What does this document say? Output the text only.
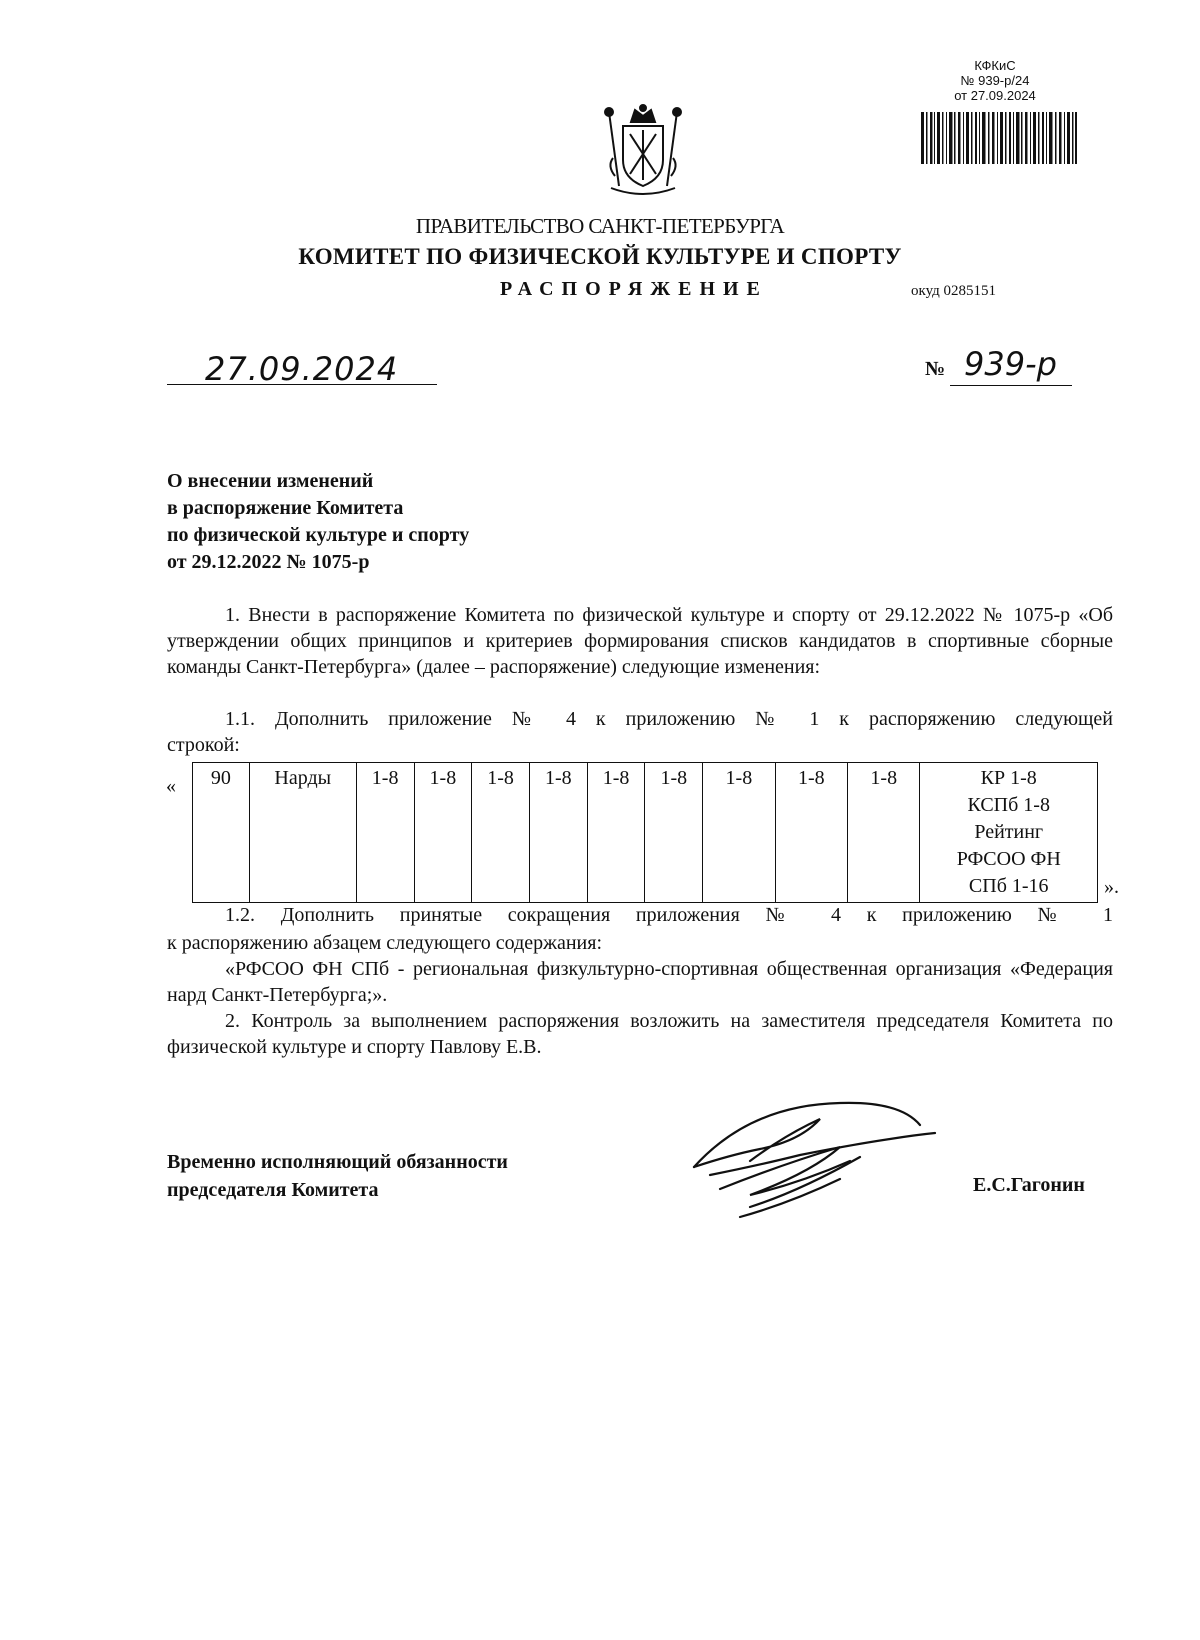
КФКиС
№ 939-р/24
от 27.09.2024
ПРАВИТЕЛЬСТВО САНКТ-ПЕТЕРБУРГА
КОМИТЕТ ПО ФИЗИЧЕСКОЙ КУЛЬТУРЕ И СПОРТУ
РАСПОРЯЖЕНИЕ	окуд 0285151
27.09.2024	№ 939-р
О внесении изменений
в распоряжение Комитета
по физической культуре и спорту
от 29.12.2022 № 1075-р
1. Внести в распоряжение Комитета по физической культуре и спорту от 29.12.2022 № 1075-р «Об утверждении общих принципов и критериев формирования списков кандидатов в спортивные сборные команды Санкт-Петербурга» (далее – распоряжение) следующие изменения:
1.1. Дополнить приложение № 4 к приложению № 1 к распоряжению следующей
строкой:
« 90	Нарды	1-8	1-8	1-8	1-8	1-8	1-8	1-8	1-8	1-8	КР 1-8
КСПб 1-8
Рейтинг
РФСОО ФН
СПб 1-16	».
1.2. Дополнить принятые сокращения приложения № 4 к приложению № 1
к распоряжению абзацем следующего содержания:
«РФСОО ФН СПб - региональная физкультурно-спортивная общественная организация «Федерация нард Санкт-Петербурга;».
2. Контроль за выполнением распоряжения возложить на заместителя председателя Комитета по физической культуре и спорту Павлову Е.В.
Временно исполняющий обязанности
председателя Комитета	Е.С.Гагонин
